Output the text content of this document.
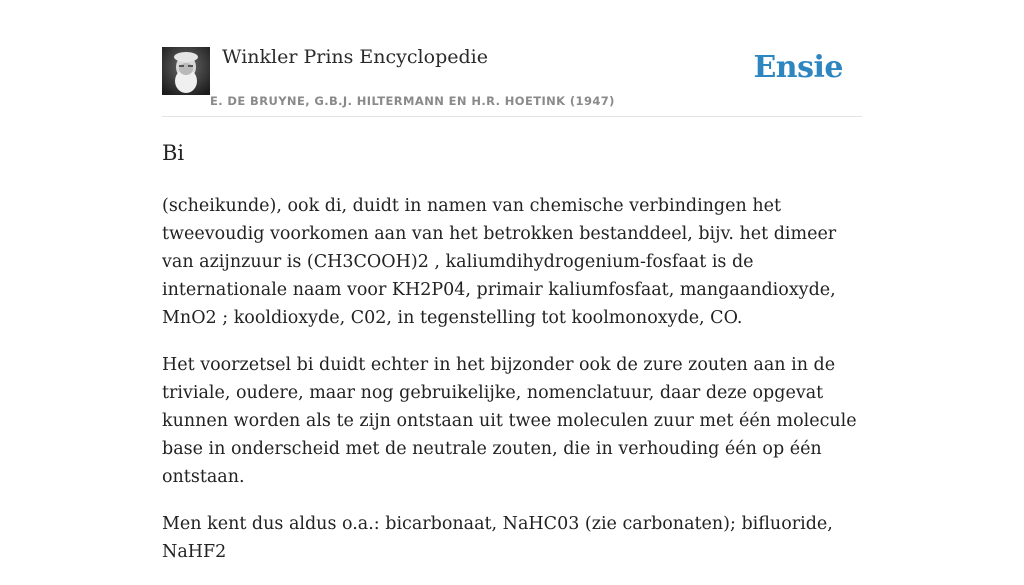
Winkler Prins Encyclopedie
E. DE BRUYNE, G.B.J. HILTERMANN EN H.R. HOETINK (1947)
Ensie
Bi

(scheikunde), ook di, duidt in namen van chemische verbindingen het tweevoudig voorkomen aan van het betrokken bestanddeel, bijv. het dimeer van azijnzuur is (CH3COOH)2 , kaliumdihydrogenium-fosfaat is de internationale naam voor KH2P04, primair kaliumfosfaat, mangaandioxyde, MnO2 ; kooldioxyde, C02, in tegenstelling tot koolmonoxyde, CO.

Het voorzetsel bi duidt echter in het bijzonder ook de zure zouten aan in de triviale, oudere, maar nog gebruikelijke, nomenclatuur, daar deze opgevat kunnen worden als te zijn ontstaan uit twee moleculen zuur met één molecule base in onderscheid met de neutrale zouten, die in verhouding één op één ontstaan.

Men kent dus aldus o.a.: bicarbonaat, NaHC03 (zie carbonaten); bifluoride, NaHF2
